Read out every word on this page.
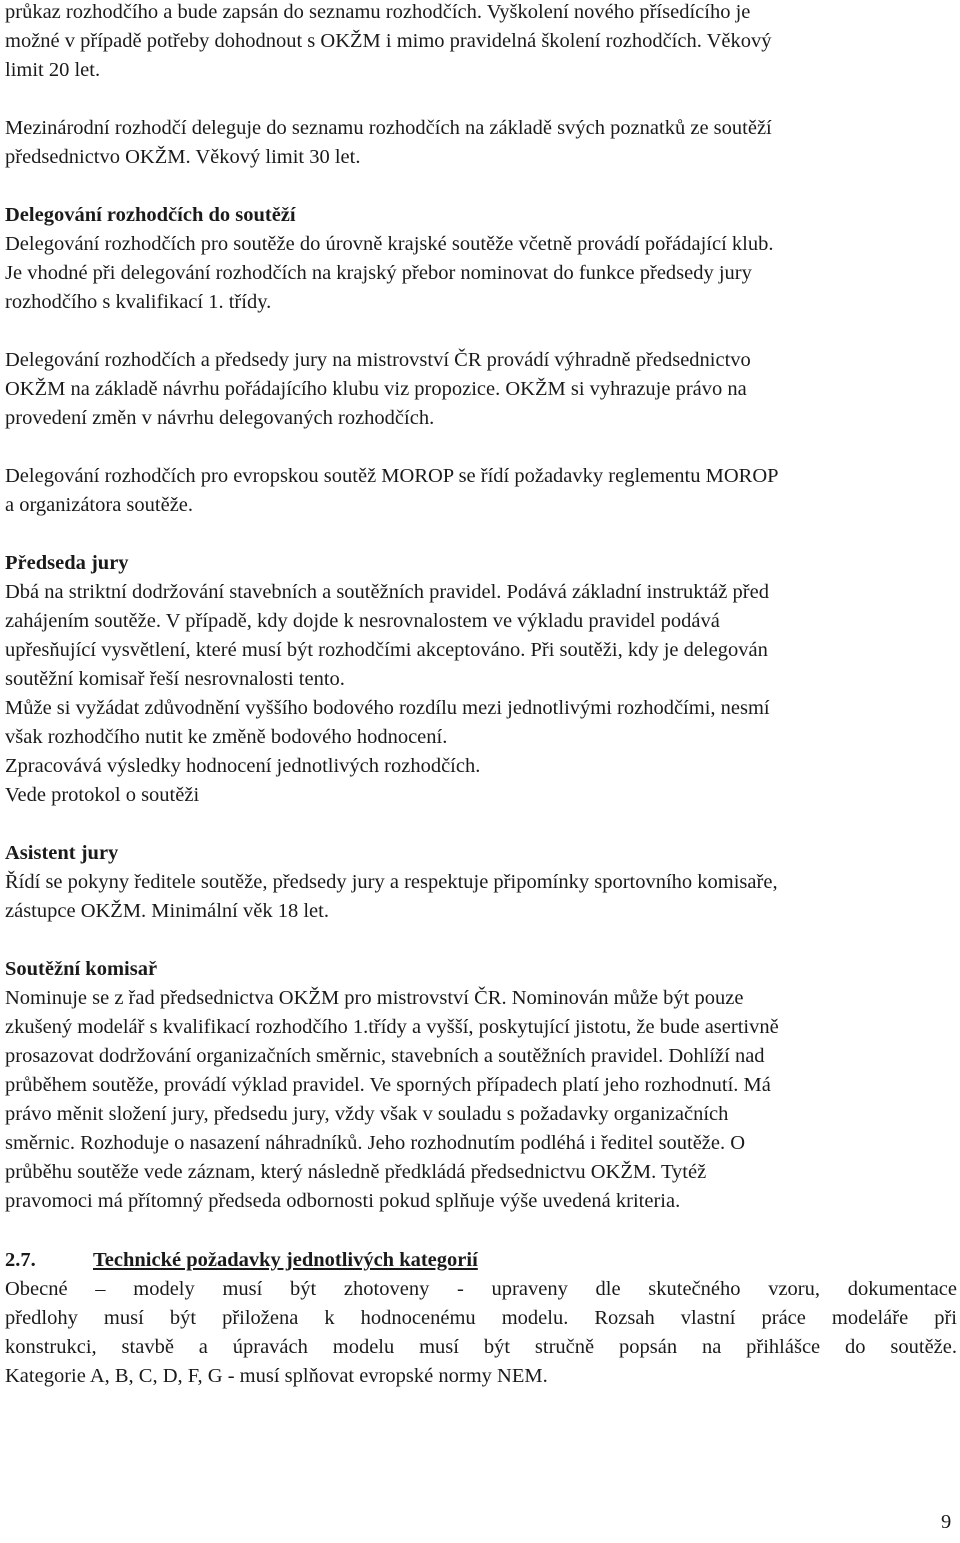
průkaz rozhodčího a bude zapsán do seznamu rozhodčích. Vyškolení nového přísedícího je
možné v případě potřeby dohodnout s OKŽM i mimo pravidelná školení rozhodčích. Věkový
limit 20 let.
Mezinárodní rozhodčí deleguje do seznamu rozhodčích na základě svých poznatků ze soutěží
předsednictvo OKŽM. Věkový limit 30 let.
Delegování rozhodčích do soutěží
Delegování rozhodčích pro soutěže do úrovně krajské soutěže včetně provádí pořádající klub.
Je vhodné při delegování rozhodčích na krajský přebor nominovat do funkce předsedy jury
rozhodčího s kvalifikací 1. třídy.
Delegování rozhodčích a předsedy jury na mistrovství ČR provádí výhradně předsednictvo
OKŽM na základě návrhu pořádajícího klubu viz propozice. OKŽM si vyhrazuje právo na
provedení změn v návrhu delegovaných rozhodčích.
Delegování rozhodčích pro evropskou soutěž MOROP se řídí požadavky reglementu MOROP
a organizátora soutěže.
Předseda jury
Dbá na striktní dodržování stavebních a soutěžních pravidel. Podává základní instruktáž před
zahájením soutěže. V případě, kdy dojde k nesrovnalostem ve výkladu pravidel podává
upřesňující vysvětlení, které musí být rozhodčími akceptováno. Při soutěži, kdy je delegován
soutěžní komisař řeší nesrovnalosti tento.
Může si vyžádat zdůvodnění vyššího bodového rozdílu mezi jednotlivými rozhodčími, nesmí
však rozhodčího nutit ke změně bodového hodnocení.
Zpracovává výsledky hodnocení jednotlivých rozhodčích.
Vede protokol o soutěži
Asistent jury
Řídí se pokyny ředitele soutěže, předsedy jury a respektuje připomínky sportovního komisaře,
zástupce OKŽM. Minimální věk 18 let.
Soutěžní komisař
Nominuje se z řad předsednictva OKŽM pro mistrovství ČR. Nominován může být pouze
zkušený modelář s kvalifikací rozhodčího 1.třídy a vyšší, poskytující jistotu, že bude asertivně
prosazovat dodržování organizačních směrnic, stavebních a soutěžních pravidel. Dohlíží nad
průběhem soutěže, provádí výklad pravidel. Ve sporných případech platí jeho rozhodnutí. Má
právo měnit složení jury, předsedu jury, vždy však v souladu s požadavky organizačních
směrnic. Rozhoduje o nasazení náhradníků. Jeho rozhodnutím podléhá i ředitel soutěže. O
průběhu soutěže vede záznam, který následně předkládá předsednictvu OKŽM. Tytéž
pravomoci má přítomný předseda odbornosti pokud splňuje výše uvedená kriteria.
2.7.	Technické požadavky jednotlivých kategorií
Obecné – modely musí být zhotoveny - upraveny dle skutečného vzoru, dokumentace
předlohy musí být přiložena k hodnocenému modelu. Rozsah vlastní práce modeláře při
konstrukci, stavbě a úpravách modelu musí být stručně popsán na přihlášce do soutěže.
Kategorie A, B, C, D, F, G - musí splňovat evropské normy NEM.
9
